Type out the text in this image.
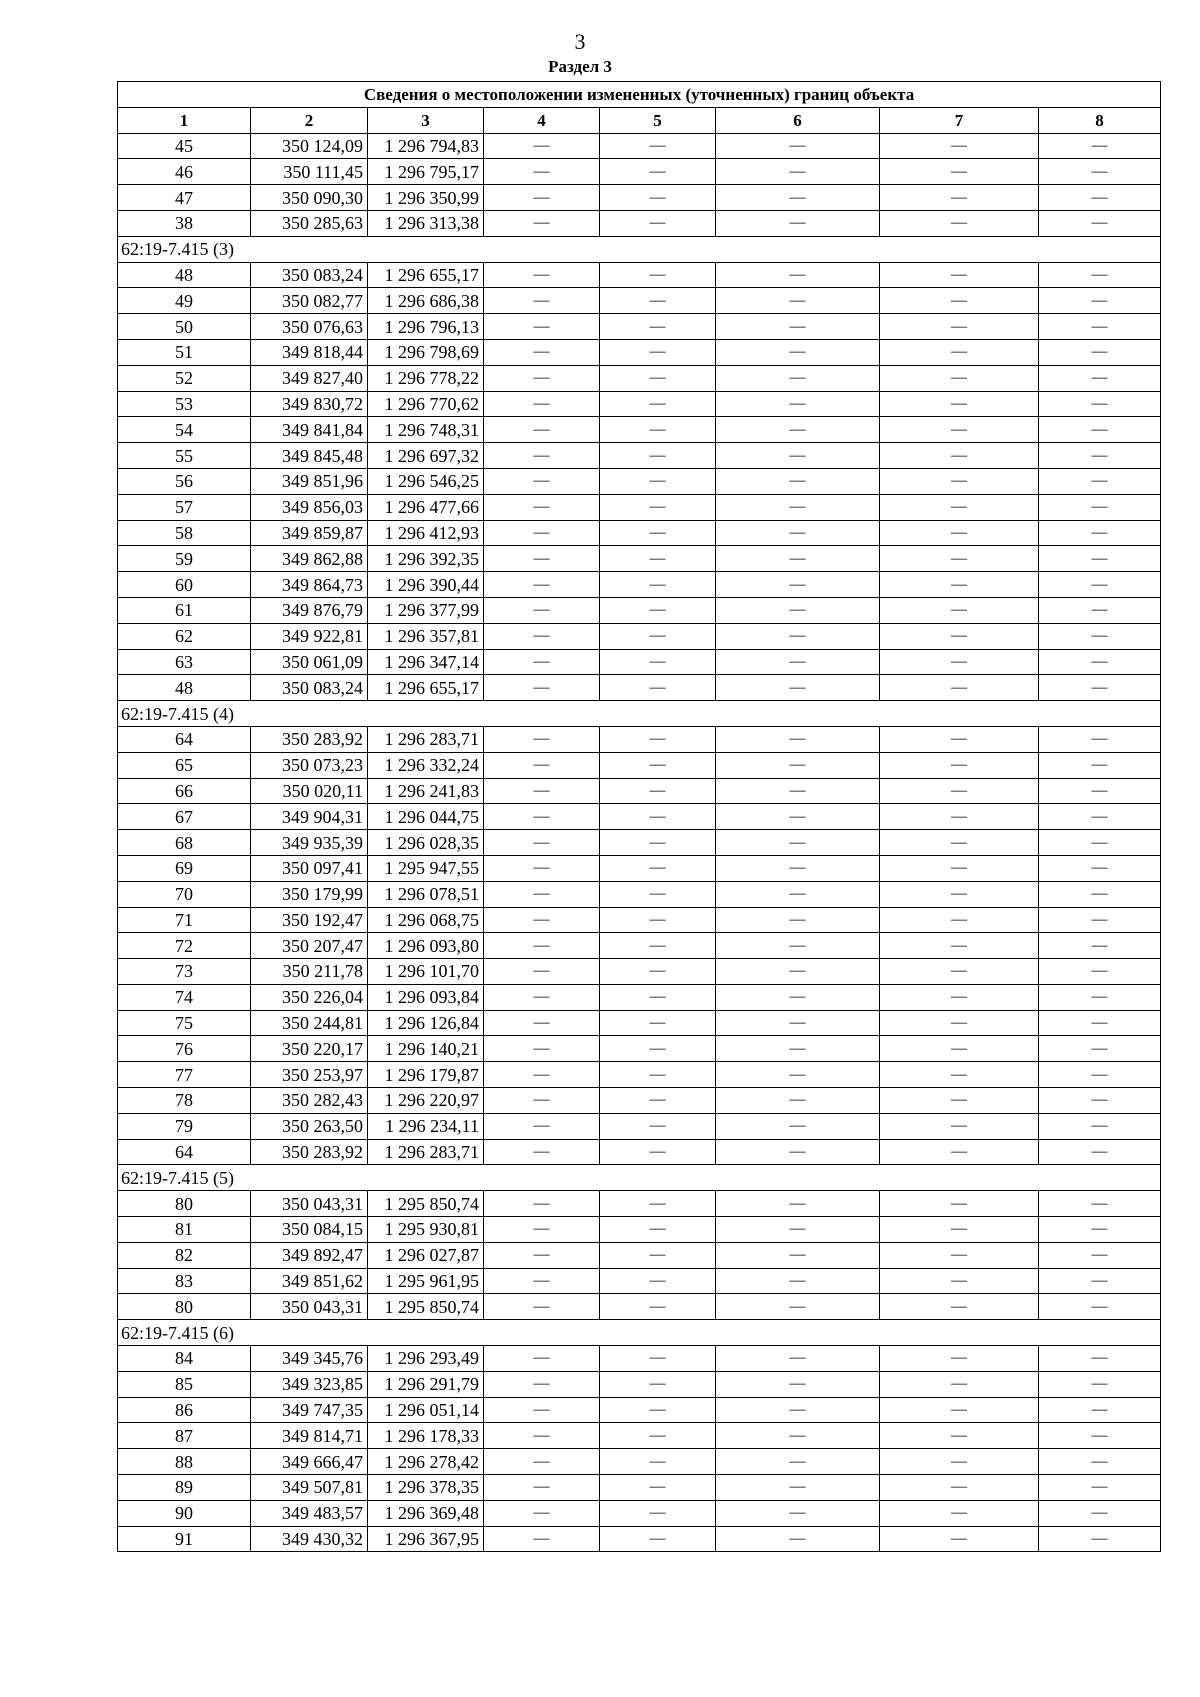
3
Раздел 3
Сведения о местоположении измененных (уточненных) границ объекта							
1	2	3	4	5	6	7	8
45	350 124,09	1 296 794,83	—	—	—	—	—
46	350 111,45	1 296 795,17	—	—	—	—	—
47	350 090,30	1 296 350,99	—	—	—	—	—
38	350 285,63	1 296 313,38	—	—	—	—	—
62:19-7.415 (3)							
48	350 083,24	1 296 655,17	—	—	—	—	—
49	350 082,77	1 296 686,38	—	—	—	—	—
50	350 076,63	1 296 796,13	—	—	—	—	—
51	349 818,44	1 296 798,69	—	—	—	—	—
52	349 827,40	1 296 778,22	—	—	—	—	—
53	349 830,72	1 296 770,62	—	—	—	—	—
54	349 841,84	1 296 748,31	—	—	—	—	—
55	349 845,48	1 296 697,32	—	—	—	—	—
56	349 851,96	1 296 546,25	—	—	—	—	—
57	349 856,03	1 296 477,66	—	—	—	—	—
58	349 859,87	1 296 412,93	—	—	—	—	—
59	349 862,88	1 296 392,35	—	—	—	—	—
60	349 864,73	1 296 390,44	—	—	—	—	—
61	349 876,79	1 296 377,99	—	—	—	—	—
62	349 922,81	1 296 357,81	—	—	—	—	—
63	350 061,09	1 296 347,14	—	—	—	—	—
48	350 083,24	1 296 655,17	—	—	—	—	—
62:19-7.415 (4)							
64	350 283,92	1 296 283,71	—	—	—	—	—
65	350 073,23	1 296 332,24	—	—	—	—	—
66	350 020,11	1 296 241,83	—	—	—	—	—
67	349 904,31	1 296 044,75	—	—	—	—	—
68	349 935,39	1 296 028,35	—	—	—	—	—
69	350 097,41	1 295 947,55	—	—	—	—	—
70	350 179,99	1 296 078,51	—	—	—	—	—
71	350 192,47	1 296 068,75	—	—	—	—	—
72	350 207,47	1 296 093,80	—	—	—	—	—
73	350 211,78	1 296 101,70	—	—	—	—	—
74	350 226,04	1 296 093,84	—	—	—	—	—
75	350 244,81	1 296 126,84	—	—	—	—	—
76	350 220,17	1 296 140,21	—	—	—	—	—
77	350 253,97	1 296 179,87	—	—	—	—	—
78	350 282,43	1 296 220,97	—	—	—	—	—
79	350 263,50	1 296 234,11	—	—	—	—	—
64	350 283,92	1 296 283,71	—	—	—	—	—
62:19-7.415 (5)							
80	350 043,31	1 295 850,74	—	—	—	—	—
81	350 084,15	1 295 930,81	—	—	—	—	—
82	349 892,47	1 296 027,87	—	—	—	—	—
83	349 851,62	1 295 961,95	—	—	—	—	—
80	350 043,31	1 295 850,74	—	—	—	—	—
62:19-7.415 (6)							
84	349 345,76	1 296 293,49	—	—	—	—	—
85	349 323,85	1 296 291,79	—	—	—	—	—
86	349 747,35	1 296 051,14	—	—	—	—	—
87	349 814,71	1 296 178,33	—	—	—	—	—
88	349 666,47	1 296 278,42	—	—	—	—	—
89	349 507,81	1 296 378,35	—	—	—	—	—
90	349 483,57	1 296 369,48	—	—	—	—	—
91	349 430,32	1 296 367,95	—	—	—	—	—
